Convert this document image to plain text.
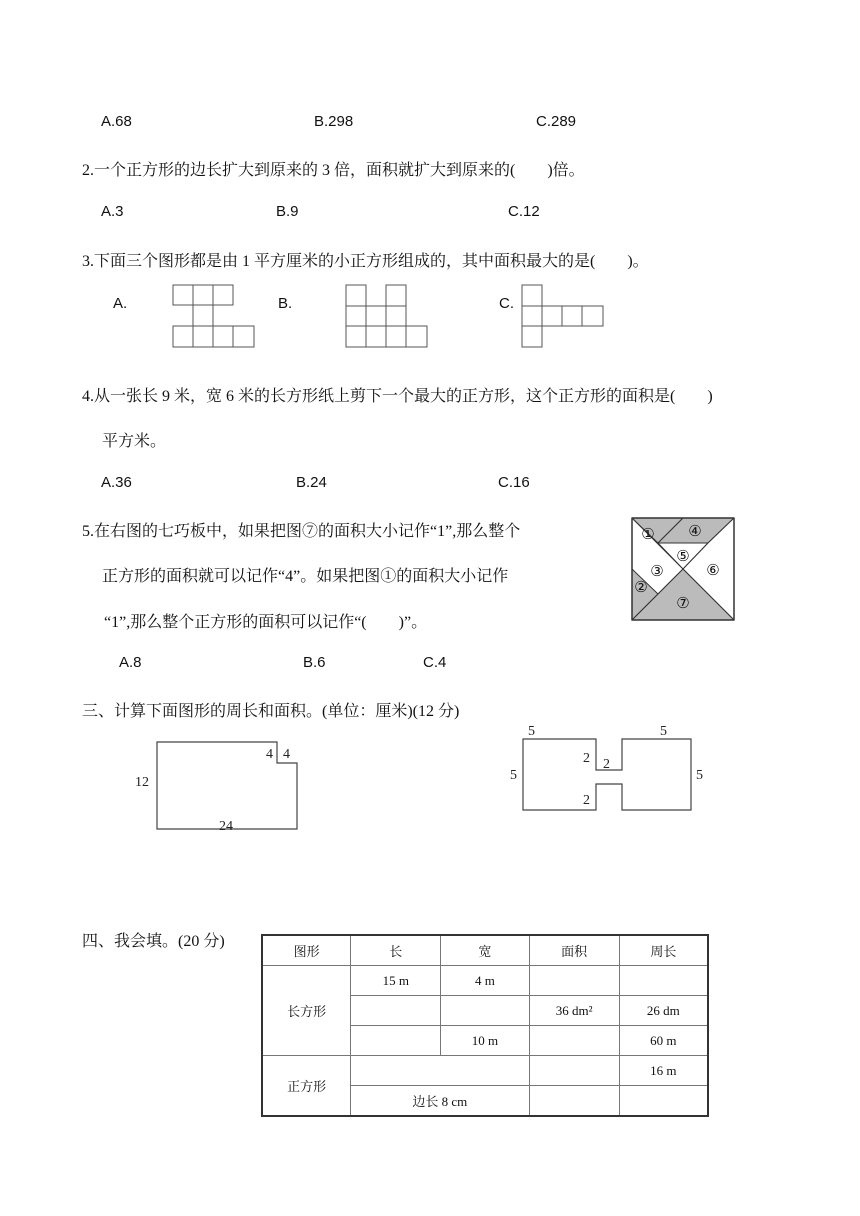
A.68	B.298	C.289
2.一个正方形的边长扩大到原来的 3 倍，面积就扩大到原来的(　　)倍。
A.3	B.9	C.12
3.下面三个图形都是由 1 平方厘米的小正方形组成的，其中面积最大的是(　　)。
A.	B.	C.
4.从一张长 9 米，宽 6 米的长方形纸上剪下一个最大的正方形，这个正方形的面积是(　　)
平方米。
A.36	B.24	C.16
5.在右图的七巧板中，如果把图⑦的面积大小记作“1”,那么整个
正方形的面积就可以记作“4”。如果把图①的面积大小记作
“1”,那么整个正方形的面积可以记作“(　　)”。
A.8	B.6	C.4
①
②
③
④
⑤
⑥
⑦
三、计算下面图形的周长和面积。(单位：厘米)(12 分)
12
24
4 4
5	5
5	5
2 2
2
四、我会填。(20 分)
图形	长	宽	面积	周长
长方形	15 m	4 m		
			36 dm²	26 dm
		10 m		60 m
正方形				16 m
	边长 8 cm			
